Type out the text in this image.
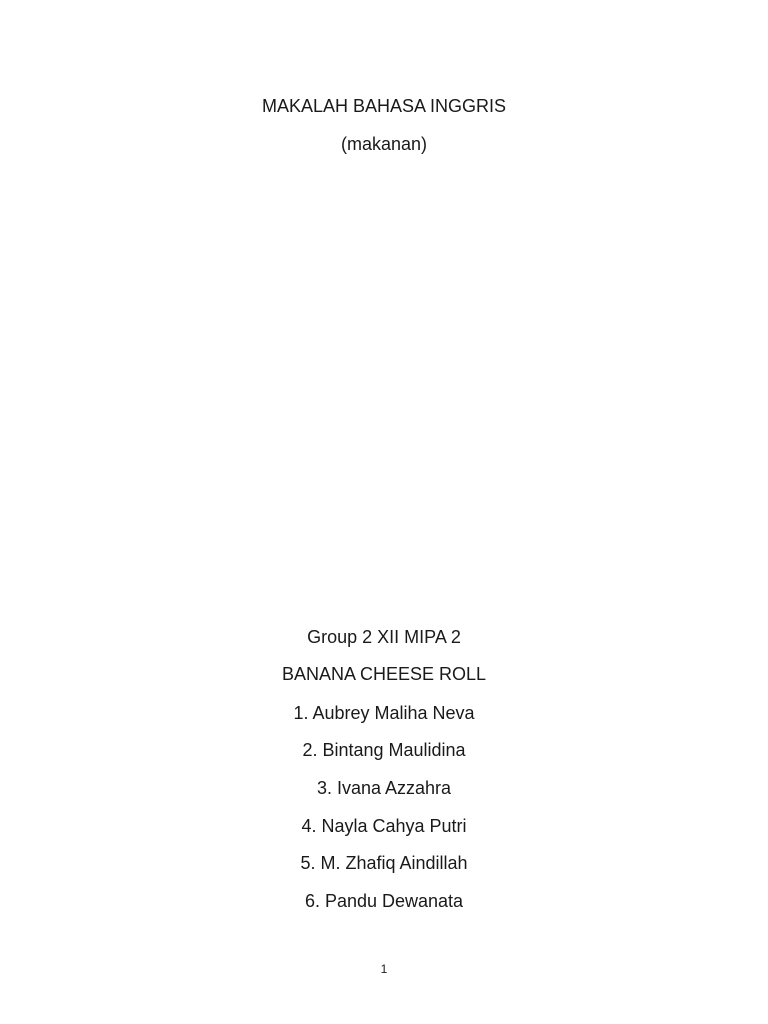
MAKALAH BAHASA INGGRIS
(makanan)
Group 2 XII MIPA 2
BANANA CHEESE ROLL
1. Aubrey Maliha Neva
2. Bintang Maulidina
3. Ivana Azzahra
4. Nayla Cahya Putri
5. M. Zhafiq Aindillah
6. Pandu Dewanata
1
